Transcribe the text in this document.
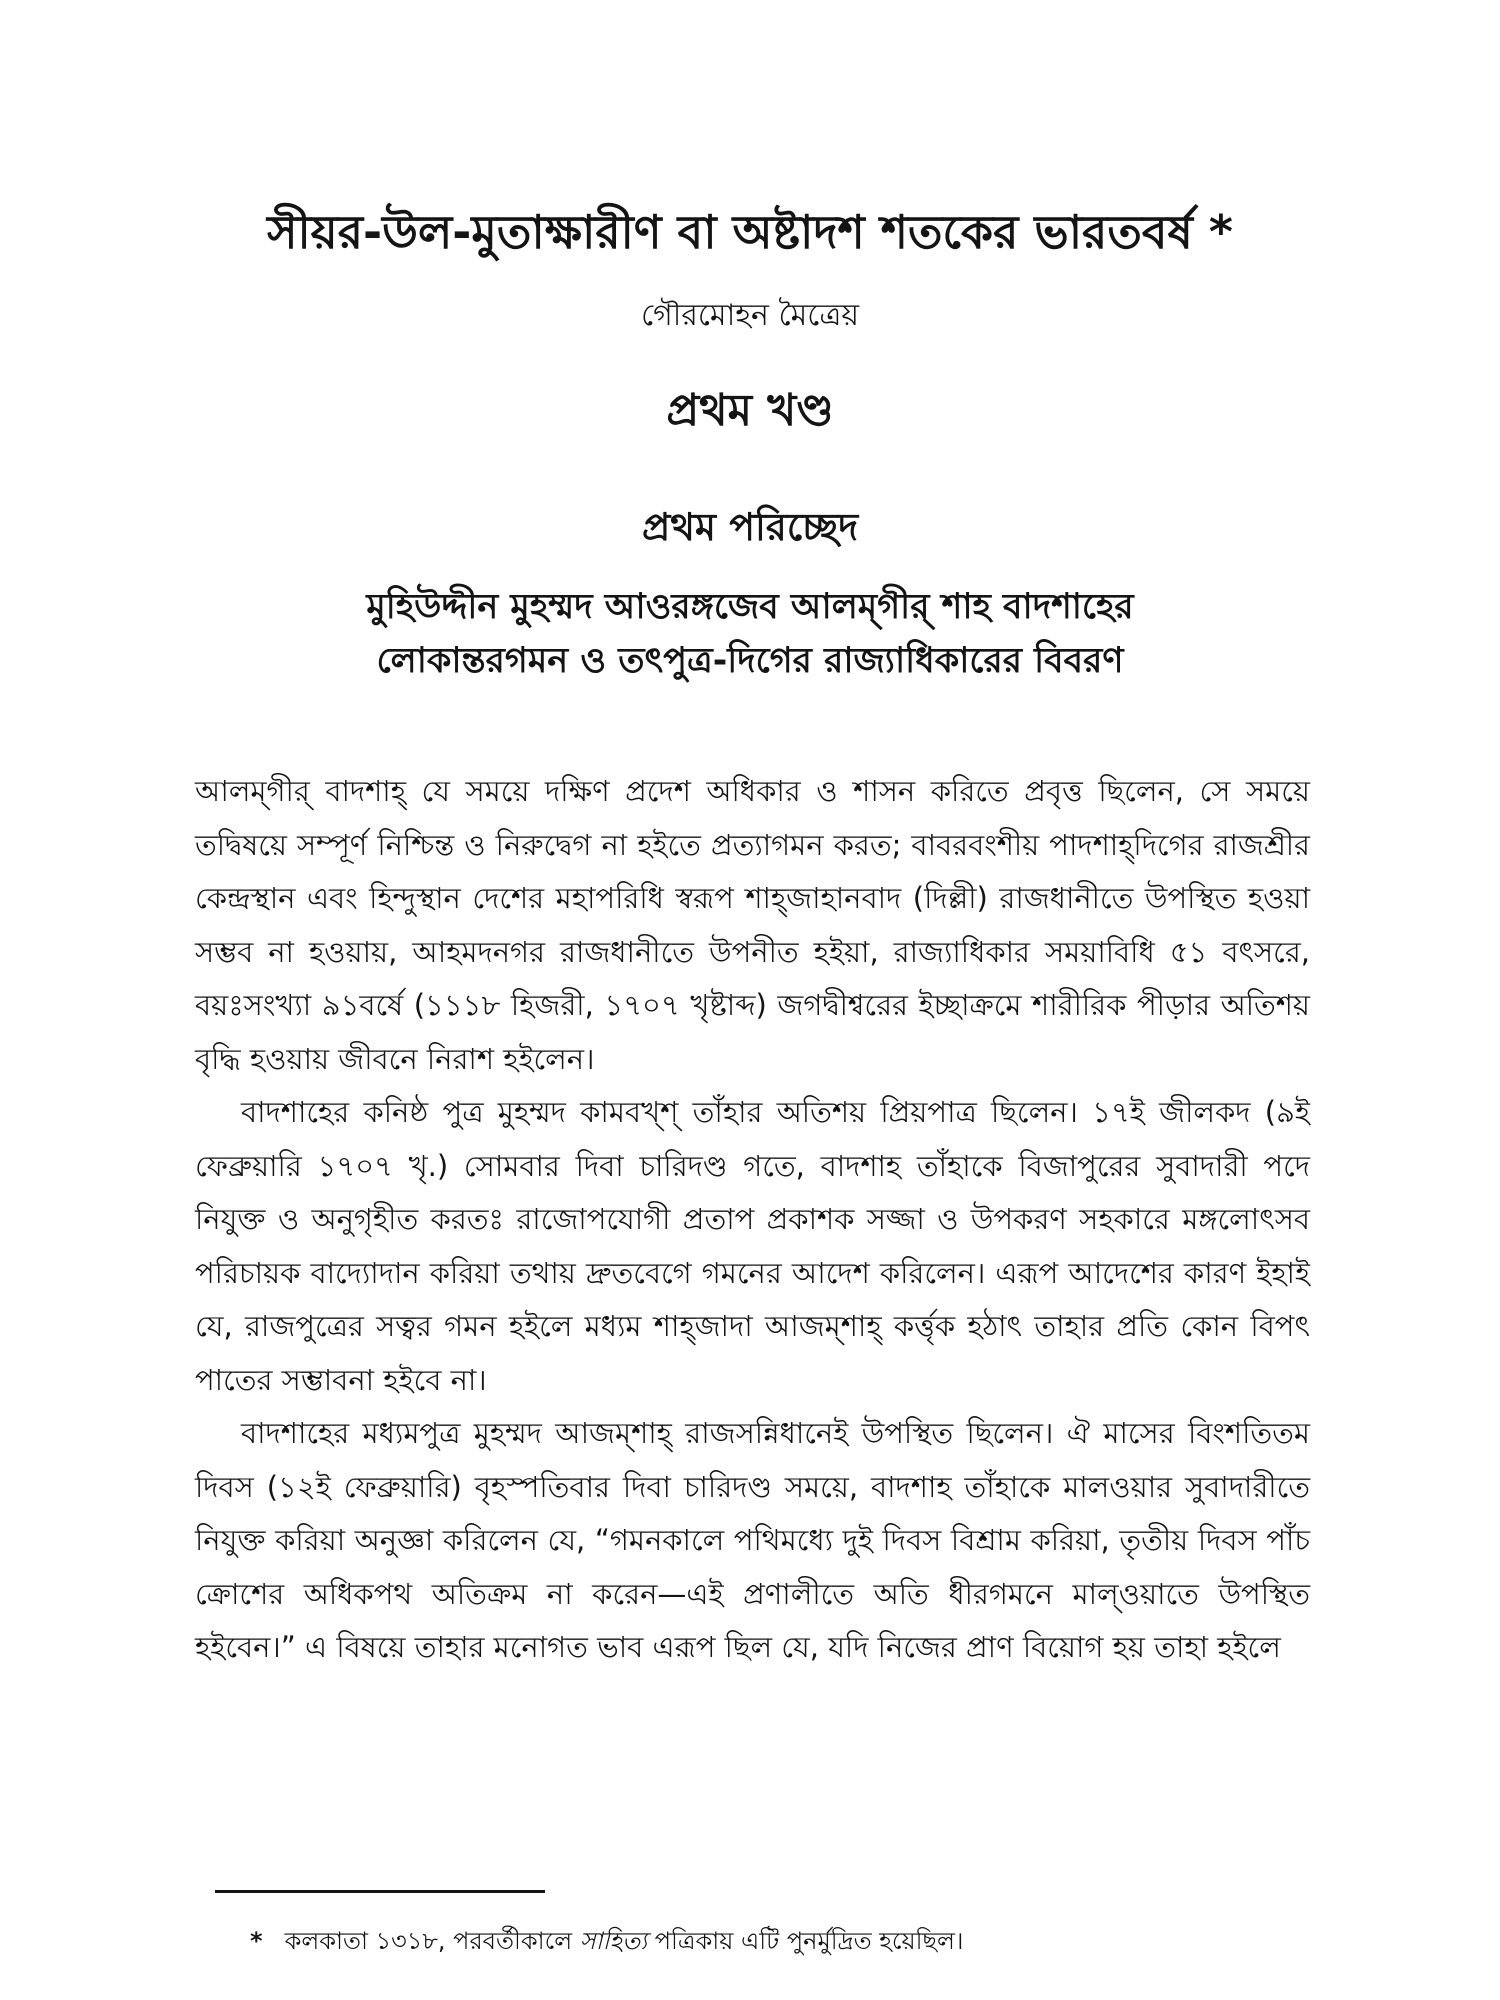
সীয়র-উল-মুতাক্ষারীণ বা অষ্টাদশ শতকের ভারতবর্ষ *
গৌরমোহন মৈত্রেয়
প্রথম খণ্ড
প্রথম পরিচ্ছেদ
মুহিউদ্দীন মুহম্মদ আওরঙ্গজেব আলম্‌গীর্ শাহ বাদশাহের
লোকান্তরগমন ও তৎপুত্র-দিগের রাজ্যাধিকারের বিবরণ

আলম্‌গীর্ বাদশাহ্ যে সময়ে দক্ষিণ প্রদেশ অধিকার ও শাসন করিতে প্রবৃত্ত ছিলেন, সে সময়ে তদ্বিষয়ে সম্পূর্ণ নিশ্চিন্ত ও নিরুদ্বেগ না হইতে প্রত্যাগমন করত; বাবরবংশীয় পাদশাহ্‌দিগের রাজশ্রীর কেন্দ্রস্থান এবং হিন্দুস্থান দেশের মহাপরিধি স্বরূপ শাহ্‌জাহানবাদ (দিল্লী) রাজধানীতে উপস্থিত হওয়া সম্ভব না হওয়ায়, আহমদনগর রাজধানীতে উপনীত হইয়া, রাজ্যাধিকার সময়াবিধি ৫১ বৎসরে, বয়ঃসংখ্যা ৯১বর্ষে (১১১৮ হিজরী, ১৭০৭ খৃষ্টাব্দ) জগদ্বীশ্বরের ইচ্ছাক্রমে শারীরিক পীড়ার অতিশয় বৃদ্ধি হওয়ায় জীবনে নিরাশ হইলেন।

বাদশাহের কনিষ্ঠ পুত্র মুহম্মদ কামবখ্‌শ্ তাঁহার অতিশয় প্রিয়পাত্র ছিলেন। ১৭ই জীলকদ (৯ই ফেব্রুয়ারি ১৭০৭ খৃ.) সোমবার দিবা চারিদণ্ড গতে, বাদশাহ তাঁহাকে বিজাপুরের সুবাদারী পদে নিযুক্ত ও অনুগৃহীত করতঃ রাজোপযোগী প্রতাপ প্রকাশক সজ্জা ও উপকরণ সহকারে মঙ্গলোৎসব পরিচায়ক বাদ্যোদান করিয়া তথায় দ্রুতবেগে গমনের আদেশ করিলেন। এরূপ আদেশের কারণ ইহাই যে, রাজপুত্রের সত্বর গমন হইলে মধ্যম শাহ্‌জাদা আজম্‌শাহ্ কর্ত্তৃক হঠাৎ তাহার প্রতি কোন বিপৎ পাতের সম্ভাবনা হইবে না।

বাদশাহের মধ্যমপুত্র মুহম্মদ আজম্‌শাহ্ রাজসন্নিধানেই উপস্থিত ছিলেন। ঐ মাসের বিংশতিতম দিবস (১২ই ফেব্রুয়ারি) বৃহস্পতিবার দিবা চারিদণ্ড সময়ে, বাদশাহ তাঁহাকে মালওয়ার সুবাদারীতে নিযুক্ত করিয়া অনুজ্ঞা করিলেন যে, “গমনকালে পথিমধ্যে দুই দিবস বিশ্রাম করিয়া, তৃতীয় দিবস পাঁচ ক্রোশের অধিকপথ অতিক্রম না করেন—এই প্রণালীতে অতি ধীরগমনে মাল্‌ওয়াতে উপস্থিত হইবেন।” এ বিষয়ে তাহার মনোগত ভাব এরূপ ছিল যে, যদি নিজের প্রাণ বিয়োগ হয় তাহা হইলে

* কলকাতা ১৩১৮, পরবর্তীকালে সাহিত্য পত্রিকায় এটি পুনর্মুদ্রিত হয়েছিল।
